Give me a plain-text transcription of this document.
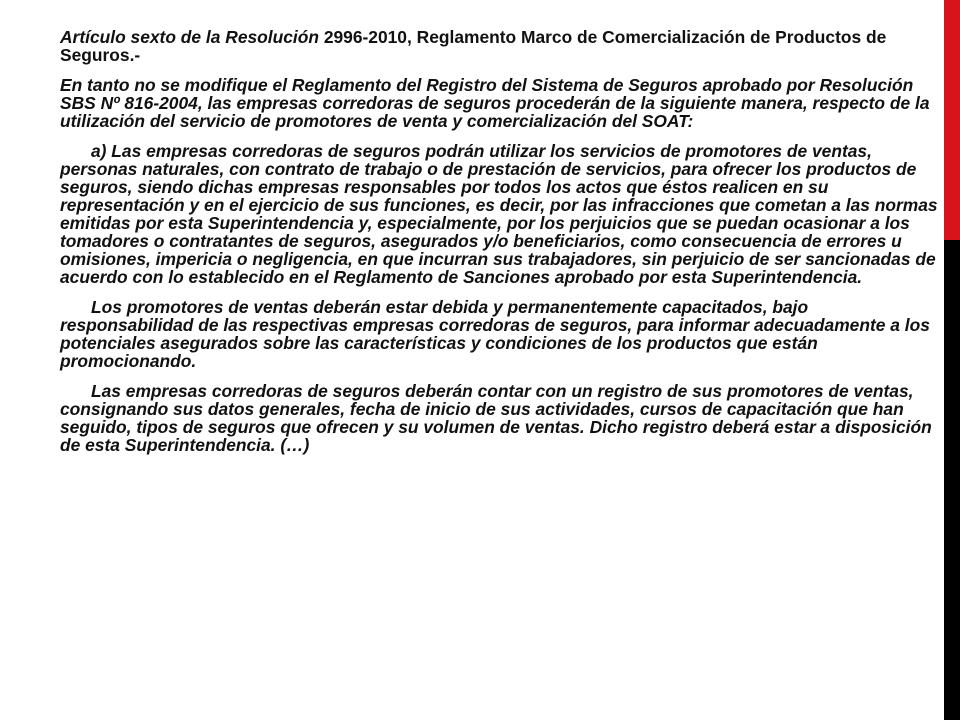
Artículo sexto de la Resolución 2996-2010, Reglamento Marco de Comercialización de Productos de Seguros.-

En tanto no se modifique el Reglamento del Registro del Sistema de Seguros aprobado por Resolución SBS Nº 816-2004, las empresas corredoras de seguros procederán de la siguiente manera, respecto de la utilización del servicio de promotores de venta y comercialización del SOAT:

a) Las empresas corredoras de seguros podrán utilizar los servicios de promotores de ventas, personas naturales, con contrato de trabajo o de prestación de servicios, para ofrecer los productos de seguros, siendo dichas empresas responsables por todos los actos que éstos realicen en su representación y en el ejercicio de sus funciones, es decir, por las infracciones que cometan a las normas emitidas por esta Superintendencia y, especialmente, por los perjuicios que se puedan ocasionar a los tomadores o contratantes de seguros, asegurados y/o beneficiarios, como consecuencia de errores u omisiones, impericia o negligencia, en que incurran sus trabajadores, sin perjuicio de ser sancionadas de acuerdo con lo establecido en el Reglamento de Sanciones aprobado por esta Superintendencia.

Los promotores de ventas deberán estar debida y permanentemente capacitados, bajo responsabilidad de las respectivas empresas corredoras de seguros, para informar adecuadamente a los potenciales asegurados sobre las características y condiciones de los productos que están promocionando.

Las empresas corredoras de seguros deberán contar con un registro de sus promotores de ventas, consignando sus datos generales, fecha de inicio de sus actividades, cursos de capacitación que han seguido, tipos de seguros que ofrecen y su volumen de ventas. Dicho registro deberá estar a disposición de esta Superintendencia. (…)
